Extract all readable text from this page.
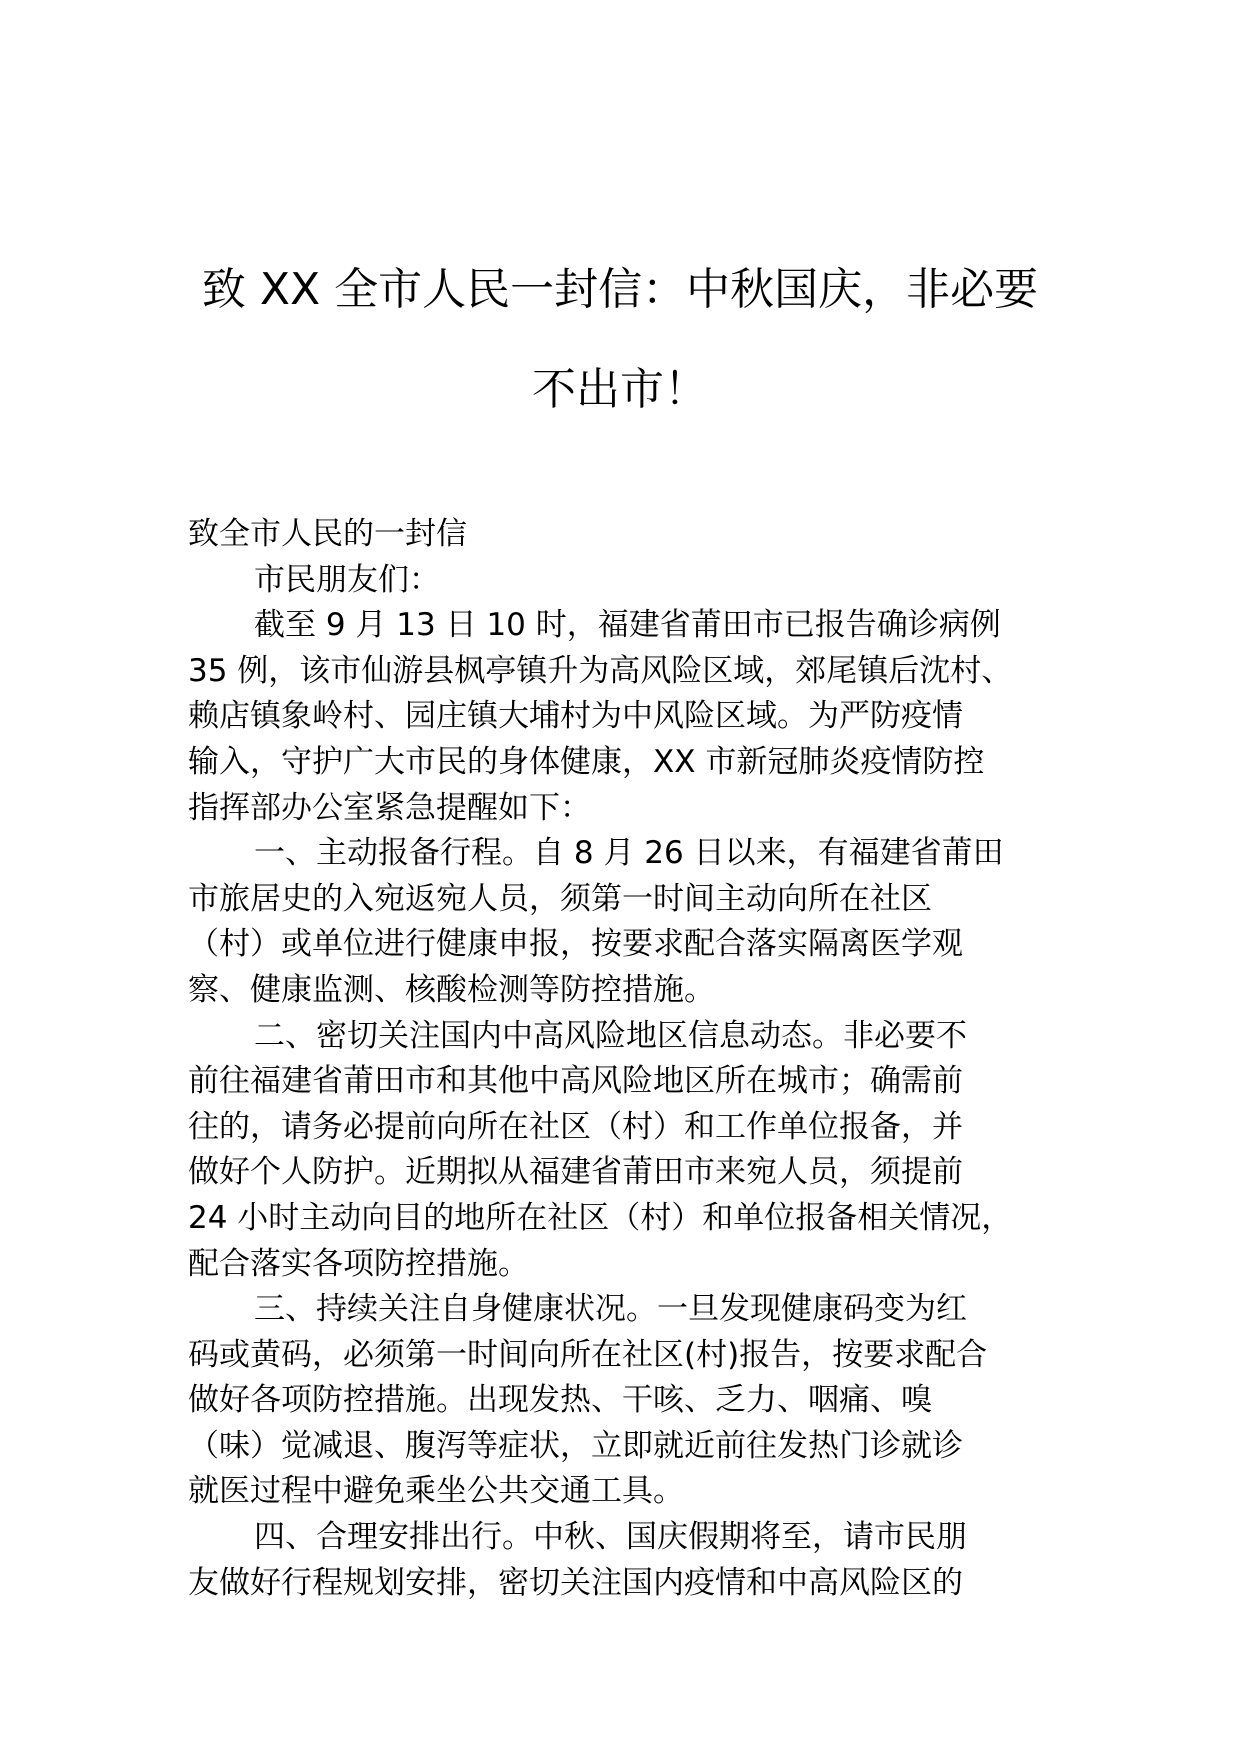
致 XX 全市人民一封信：中秋国庆，非必要
不出市！
致全市人民的一封信
市民朋友们：
截至 9 月 13 日 10 时，福建省莆田市已报告确诊病例
35 例，该市仙游县枫亭镇升为高风险区域，郊尾镇后沈村、
赖店镇象岭村、园庄镇大埔村为中风险区域。为严防疫情
输入，守护广大市民的身体健康，XX 市新冠肺炎疫情防控
指挥部办公室紧急提醒如下：
一、主动报备行程。自 8 月 26 日以来，有福建省莆田
市旅居史的入宛返宛人员，须第一时间主动向所在社区
（村）或单位进行健康申报，按要求配合落实隔离医学观
察、健康监测、核酸检测等防控措施。
二、密切关注国内中高风险地区信息动态。非必要不
前往福建省莆田市和其他中高风险地区所在城市；确需前
往的，请务必提前向所在社区（村）和工作单位报备，并
做好个人防护。近期拟从福建省莆田市来宛人员，须提前
24 小时主动向目的地所在社区（村）和单位报备相关情况，
配合落实各项防控措施。
三、持续关注自身健康状况。一旦发现健康码变为红
码或黄码，必须第一时间向所在社区(村)报告，按要求配合
做好各项防控措施。出现发热、干咳、乏力、咽痛、嗅
（味）觉减退、腹泻等症状，立即就近前往发热门诊就诊
就医过程中避免乘坐公共交通工具。
四、合理安排出行。中秋、国庆假期将至，请市民朋
友做好行程规划安排，密切关注国内疫情和中高风险区的
